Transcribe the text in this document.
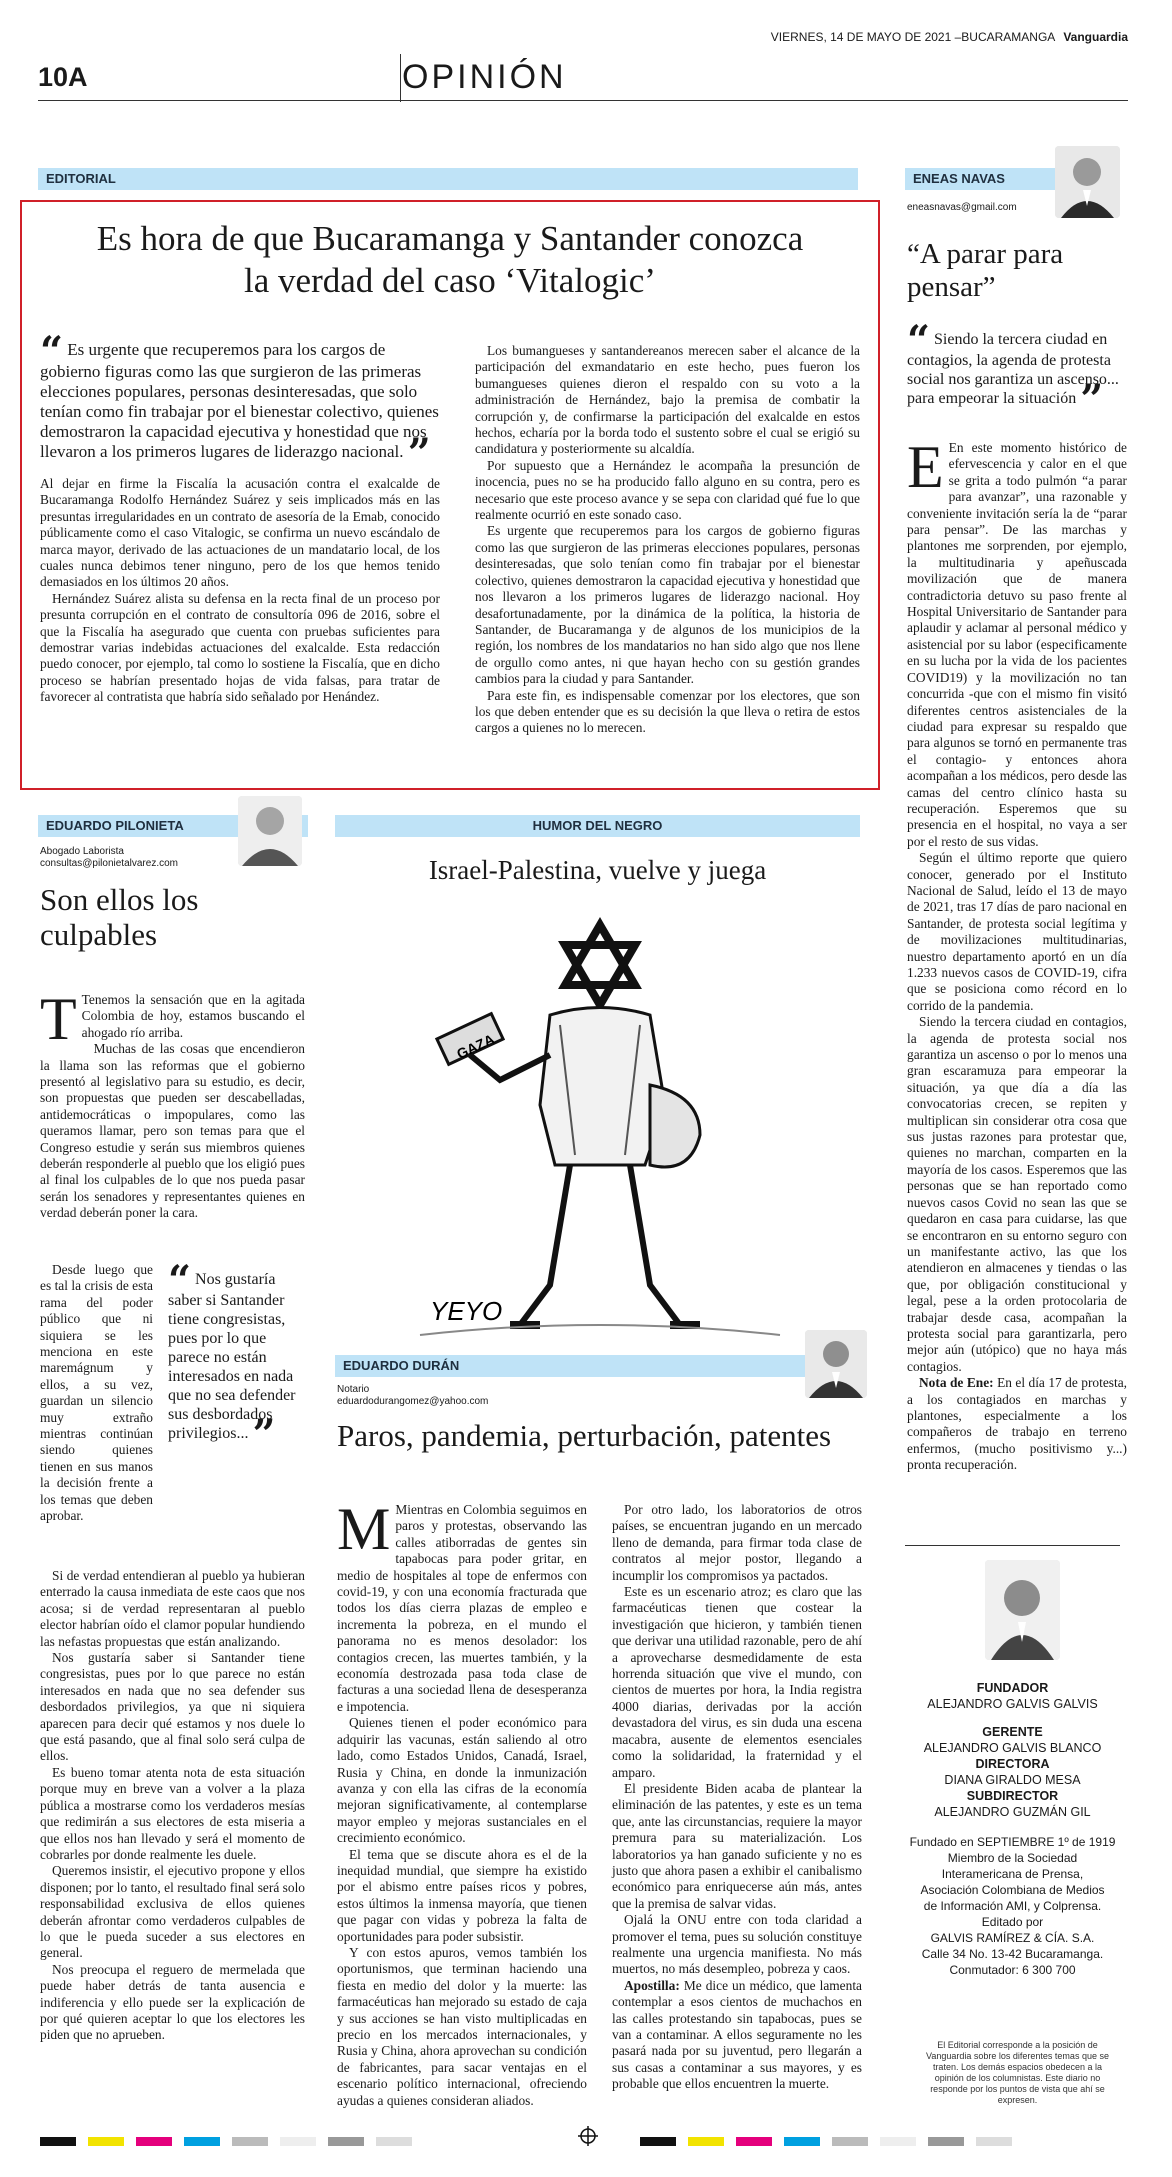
VIERNES, 14 DE MAYO DE 2021 –BUCARAMANGA Vanguardia
10A	OPINIÓN
EDITORIAL
Es hora de que Bucaramanga y Santander conozca la verdad del caso ‘Vitalogic’
“ Es urgente que recuperemos para los cargos de gobierno figuras como las que surgieron de las primeras elecciones populares, personas desinteresadas, que solo tenían como fin trabajar por el bienestar colectivo, quienes demostraron la capacidad ejecutiva y honestidad que nos llevaron a los primeros lugares de liderazgo nacional. ”

Al dejar en firme la Fiscalía la acusación contra el exalcalde de Bucaramanga Rodolfo Hernández Suárez y seis implicados más en las presuntas irregularidades en un contrato de asesoría de la Emab, conocido públicamente como el caso Vitalogic, se confirma un nuevo escándalo de marca mayor, derivado de las actuaciones de un mandatario local, de los cuales nunca debimos tener ninguno, pero de los que hemos tenido demasiados en los últimos 20 años.

Hernández Suárez alista su defensa en la recta final de un proceso por presunta corrupción en el contrato de consultoría 096 de 2016, sobre el que la Fiscalía ha asegurado que cuenta con pruebas suficientes para demostrar varias indebidas actuaciones del exalcalde. Esta redacción puedo conocer, por ejemplo, tal como lo sostiene la Fiscalía, que en dicho proceso se habrían presentado hojas de vida falsas, para tratar de favorecer al contratista que habría sido señalado por Henández.

Los bumangueses y santandereanos merecen saber el alcance de la participación del exmandatario en este hecho, pues fueron los bumangueses quienes dieron el respaldo con su voto a la administración de Hernández, bajo la premisa de combatir la corrupción y, de confirmarse la participación del exalcalde en estos hechos, echaría por la borda todo el sustento sobre el cual se erigió su candidatura y posteriormente su alcaldía.

Por supuesto que a Hernández le acompaña la presunción de inocencia, pues no se ha producido fallo alguno en su contra, pero es necesario que este proceso avance y se sepa con claridad qué fue lo que realmente ocurrió en este sonado caso.

Es urgente que recuperemos para los cargos de gobierno figuras como las que surgieron de las primeras elecciones populares, personas desinteresadas, que solo tenían como fin trabajar por el bienestar colectivo, quienes demostraron la capacidad ejecutiva y honestidad que nos llevaron a los primeros lugares de liderazgo nacional. Hoy desafortunadamente, por la dinámica de la política, la historia de Santander, de Bucaramanga y de algunos de los municipios de la región, los nombres de los mandatarios no han sido algo que nos llene de orgullo como antes, ni que hayan hecho con su gestión grandes cambios para la ciudad y para Santander.

Para este fin, es indispensable comenzar por los electores, que son los que deben entender que es su decisión la que lleva o retira de estos cargos a quienes no lo merecen.

ENEAS NAVAS
eneasnavas@gmail.com
“A parar para pensar”
“ Siendo la tercera ciudad en contagios, la agenda de protesta social nos garantiza un ascenso... para empeorar la situación ”

E En este momento histórico de efervescencia y calor en el que se grita a todo pulmón “a parar para avanzar”, una razonable y conveniente invitación sería la de “parar para pensar”. De las marchas y plantones me sorprenden, por ejemplo, la multitudinaria y apeñuscada movilización que de manera contradictoria detuvo su paso frente al Hospital Universitario de Santander para aplaudir y aclamar al personal médico y asistencial por su labor (especificamente en su lucha por la vida de los pacientes COVID19) y la movilización no tan concurrida -que con el mismo fin visitó diferentes centros asistenciales de la ciudad para expresar su respaldo que para algunos se tornó en permanente tras el contagio- y entonces ahora acompañan a los médicos, pero desde las camas del centro clínico hasta su recuperación. Esperemos que su presencia en el hospital, no vaya a ser por el resto de sus vidas.

Según el último reporte que quiero conocer, generado por el Instituto Nacional de Salud, leído el 13 de mayo de 2021, tras 17 días de paro nacional en Santander, de protesta social legítima y de movilizaciones multitudinarias, nuestro departamento aportó en un día 1.233 nuevos casos de COVID-19, cifra que se posiciona como récord en lo corrido de la pandemia.

Siendo la tercera ciudad en contagios, la agenda de protesta social nos garantiza un ascenso o por lo menos una gran escaramuza para empeorar la situación, ya que día a día las convocatorias crecen, se repiten y multiplican sin considerar otra cosa que sus justas razones para protestar que, quienes no marchan, comparten en la mayoría de los casos. Esperemos que las personas que se han reportado como nuevos casos Covid no sean las que se quedaron en casa para cuidarse, las que se encontraron en su entorno seguro con un manifestante activo, las que los atendieron en almacenes y tiendas o las que, por obligación constitucional y legal, pese a la orden protocolaria de trabajar desde casa, acompañan la protesta social para garantizarla, pero mejor aún (utópico) que no haya más contagios.

Nota de Ene: En el día 17 de protesta, a los contagiados en marchas y plantones, especialmente a los compañeros de trabajo en terreno enfermos, (mucho positivismo y...) pronta recuperación.

FUNDADOR
ALEJANDRO GALVIS GALVIS
GERENTE
ALEJANDRO GALVIS BLANCO
DIRECTORA
DIANA GIRALDO MESA
SUBDIRECTOR
ALEJANDRO GUZMÁN GIL
Fundado en SEPTIEMBRE 1º de 1919
Miembro de la Sociedad
Interamericana de Prensa,
Asociación Colombiana de Medios
de Información AMI, y Colprensa.
Editado por
GALVIS RAMÍREZ & CÍA. S.A.
Calle 34 No. 13-42 Bucaramanga.
Conmutador: 6 300 700
El Editorial corresponde a la posición de Vanguardia sobre los diferentes temas que se traten. Los demás espacios obedecen a la opinión de los columnistas. Este diario no responde por los puntos de vista que ahí se expresen.
EDUARDO PILONIETA
Abogado Laborista
consultas@pilonietalvarez.com
Son ellos los culpables

T Tenemos la sensación que en la agitada Colombia de hoy, estamos buscando el ahogado río arriba.

Muchas de las cosas que encendieron la llama son las reformas que el gobierno presentó al legislativo para su estudio, es decir, son propuestas que pueden ser descabelladas, antidemocráticas o impopulares, como las queramos llamar, pero son temas para que el Congreso estudie y serán sus miembros quienes deberán responderle al pueblo que los eligió pues al final los culpables de lo que nos pueda pasar serán los senadores y representantes quienes en verdad deberán poner la cara.

Desde luego que es tal la crisis de esta rama del poder público que ni siquiera se les menciona en este maremágnum y ellos, a su vez, guardan un silencio muy extraño mientras continúan siendo quienes tienen en sus manos la decisión frente a los temas que deben aprobar.

“ Nos gustaría saber si Santander tiene congresistas, pues por lo que parece no están interesados en nada que no sea defender sus desbordados privilegios... ”

Si de verdad entendieran al pueblo ya hubieran enterrado la causa inmediata de este caos que nos acosa; si de verdad representaran al pueblo elector habrían oído el clamor popular hundiendo las nefastas propuestas que están analizando.

Nos gustaría saber si Santander tiene congresistas, pues por lo que parece no están interesados en nada que no sea defender sus desbordados privilegios, ya que ni siquiera aparecen para decir qué estamos y nos duele lo que está pasando, que al final solo será culpa de ellos.

Es bueno tomar atenta nota de esta situación porque muy en breve van a volver a la plaza pública a mostrarse como los verdaderos mesías que redimirán a sus electores de esta miseria a que ellos nos han llevado y será el momento de cobrarles por donde realmente les duele.

Queremos insistir, el ejecutivo propone y ellos disponen; por lo tanto, el resultado final será solo responsabilidad exclusiva de ellos quienes deberán afrontar como verdaderos culpables de lo que le pueda suceder a sus electores en general.

Nos preocupa el reguero de mermelada que puede haber detrás de tanta ausencia e indiferencia y ello puede ser la explicación de por qué quieren aceptar lo que los electores les piden que no aprueben.

HUMOR DEL NEGRO
Israel-Palestina, vuelve y juega
GAZA
YEYO
EDUARDO DURÁN
Notario
eduardodurangomez@yahoo.com
Paros, pandemia, perturbación, patentes

M Mientras en Colombia seguimos en paros y protestas, observando las calles atiborradas de gentes sin tapabocas para poder gritar, en medio de hospitales al tope de enfermos con covid-19, y con una economía fracturada que todos los días cierra plazas de empleo e incrementa la pobreza, en el mundo el panorama no es menos desolador: los contagios crecen, las muertes también, y la economía destrozada pasa toda clase de facturas a una sociedad llena de desesperanza e impotencia.

Quienes tienen el poder económico para adquirir las vacunas, están saliendo al otro lado, como Estados Unidos, Canadá, Israel, Rusia y China, en donde la inmunización avanza y con ella las cifras de la economía mejoran significativamente, al contemplarse mayor empleo y mejoras sustanciales en el crecimiento económico.

El tema que se discute ahora es el de la inequidad mundial, que siempre ha existido por el abismo entre países ricos y pobres, estos últimos la inmensa mayoría, que tienen que pagar con vidas y pobreza la falta de oportunidades para poder subsistir.

Y con estos apuros, vemos también los oportunismos, que terminan haciendo una fiesta en medio del dolor y la muerte: las farmacéuticas han mejorado su estado de caja y sus acciones se han visto multiplicadas en precio en los mercados internacionales, y Rusia y China, ahora aprovechan su condición de fabricantes, para sacar ventajas en el escenario político internacional, ofreciendo ayudas a quienes consideran aliados.

Por otro lado, los laboratorios de otros países, se encuentran jugando en un mercado lleno de demanda, para firmar toda clase de contratos al mejor postor, llegando a incumplir los compromisos ya pactados.

Este es un escenario atroz; es claro que las farmacéuticas tienen que costear la investigación que hicieron, y también tienen que derivar una utilidad razonable, pero de ahí a aprovecharse desmedidamente de esta horrenda situación que vive el mundo, con cientos de muertes por hora, la India registra 4000 diarias, derivadas por la acción devastadora del virus, es sin duda una escena macabra, ausente de elementos esenciales como la solidaridad, la fraternidad y el amparo.

El presidente Biden acaba de plantear la eliminación de las patentes, y este es un tema que, ante las circunstancias, requiere la mayor premura para su materialización. Los laboratorios ya han ganado suficiente y no es justo que ahora pasen a exhibir el canibalismo económico para enriquecerse aún más, antes que la premisa de salvar vidas.

Ojalá la ONU entre con toda claridad a promover el tema, pues su solución constituye realmente una urgencia manifiesta. No más muertos, no más desempleo, pobreza y caos.

Apostilla: Me dice un médico, que lamenta contemplar a esos cientos de muchachos en las calles protestando sin tapabocas, pues se van a contaminar. A ellos seguramente no les pasará nada por su juventud, pero llegarán a sus casas a contaminar a sus mayores, y es probable que ellos encuentren la muerte.
